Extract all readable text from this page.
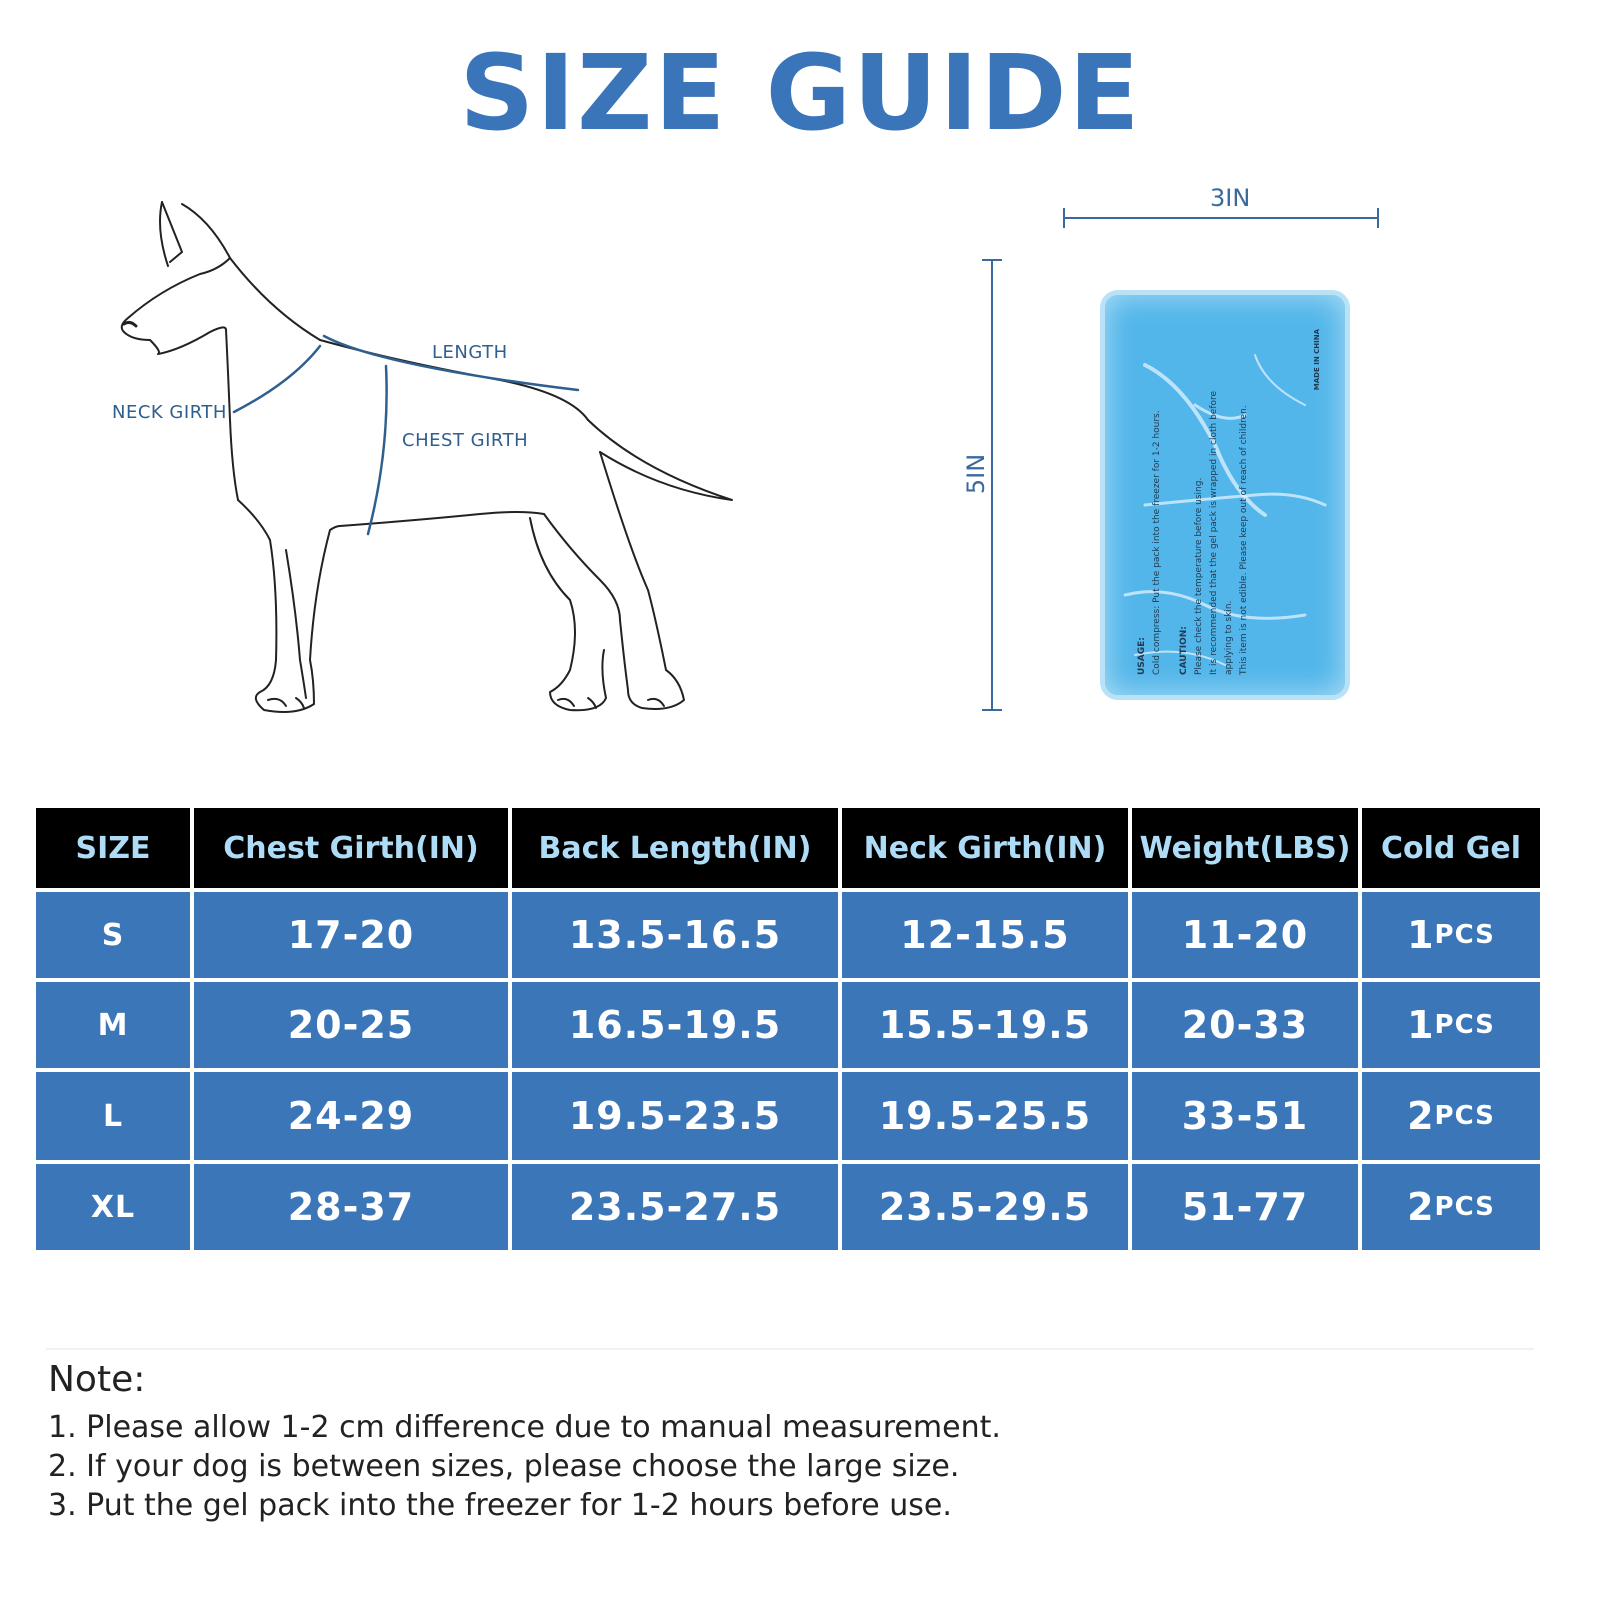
SIZE GUIDE
LENGTH
NECK GIRTH
CHEST GIRTH
3IN
5IN

USAGE: Cold compress: Put the pack into the freezer for 1-2 hours.	CAUTION: Please check the temperature before using. It is recommended that the gel pack is wrapped in cloth before applying to skin. This item is not edible. Please keep out of reach of children.

MADE IN CHINA
SIZE	Chest Girth(IN)	Back Length(IN)	Neck Girth(IN)	Weight(LBS)	Cold Gel
S	17-20	13.5-16.5	12-15.5	11-20	1 PCS
M	20-25	16.5-19.5	15.5-19.5	20-33	1 PCS
L	24-29	19.5-23.5	19.5-25.5	33-51	2 PCS
XL	28-37	23.5-27.5	23.5-29.5	51-77	2 PCS
Note:
1. Please allow 1-2 cm difference due to manual measurement.
2. If your dog is between sizes, please choose the large size.
3. Put the gel pack into the freezer for 1-2 hours before use.
